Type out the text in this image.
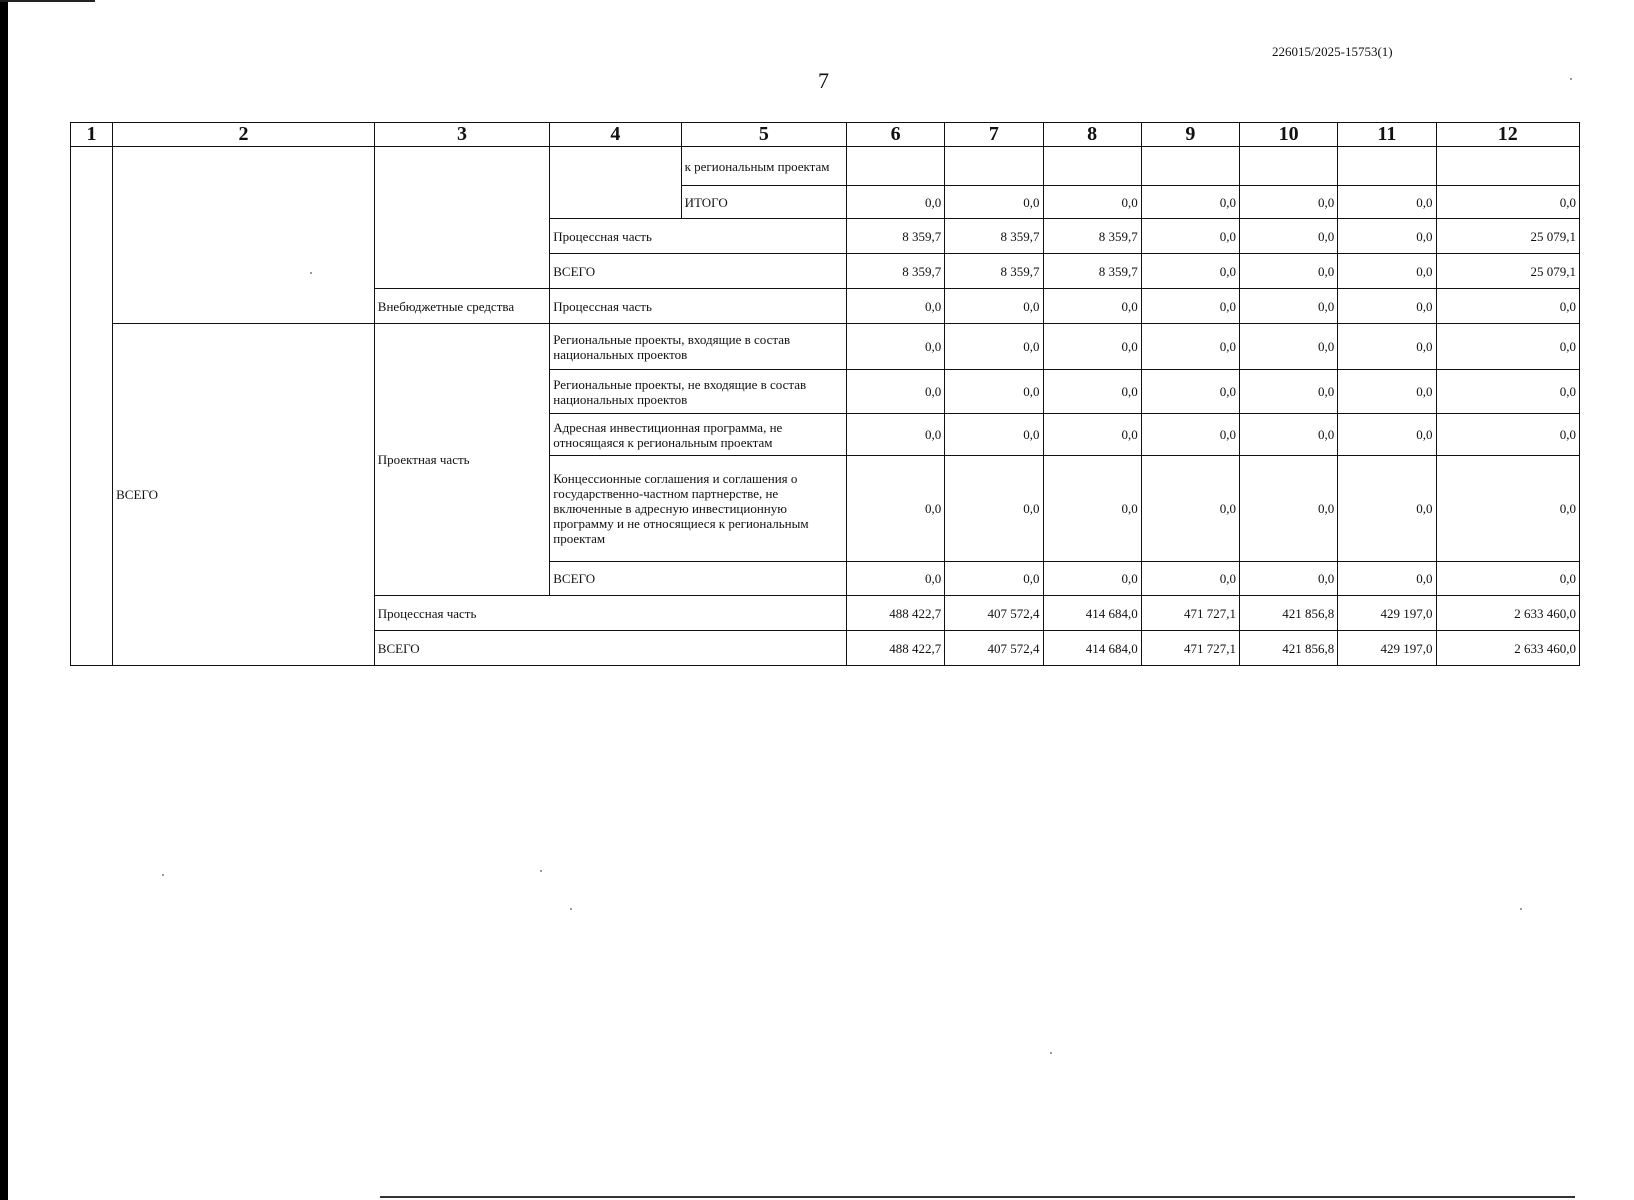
226015/2025-15753(1)
7
1	2	3	4	5	6	7	8	9	10	11	12
				к региональным проектам							
				ИТОГО	0,0	0,0	0,0	0,0	0,0	0,0	0,0
			Процессная часть		8 359,7	8 359,7	8 359,7	0,0	0,0	0,0	25 079,1
			ВСЕГО		8 359,7	8 359,7	8 359,7	0,0	0,0	0,0	25 079,1
		Внебюджетные средства	Процессная часть		0,0	0,0	0,0	0,0	0,0	0,0	0,0
	ВСЕГО	Проектная часть	Региональные проекты, входящие в состав национальных проектов		0,0	0,0	0,0	0,0	0,0	0,0	0,0
			Региональные проекты, не входящие в состав национальных проектов		0,0	0,0	0,0	0,0	0,0	0,0	0,0
			Адресная инвестиционная программа, не относящаяся к региональным проектам		0,0	0,0	0,0	0,0	0,0	0,0	0,0
			Концессионные соглашения и соглашения о государственно-частном партнерстве, не включенные в адресную инвестиционную программу и не относящиеся к региональным проектам		0,0	0,0	0,0	0,0	0,0	0,0	0,0
			ВСЕГО		0,0	0,0	0,0	0,0	0,0	0,0	0,0
		Процессная часть			488 422,7	407 572,4	414 684,0	471 727,1	421 856,8	429 197,0	2 633 460,0
		ВСЕГО			488 422,7	407 572,4	414 684,0	471 727,1	421 856,8	429 197,0	2 633 460,0
